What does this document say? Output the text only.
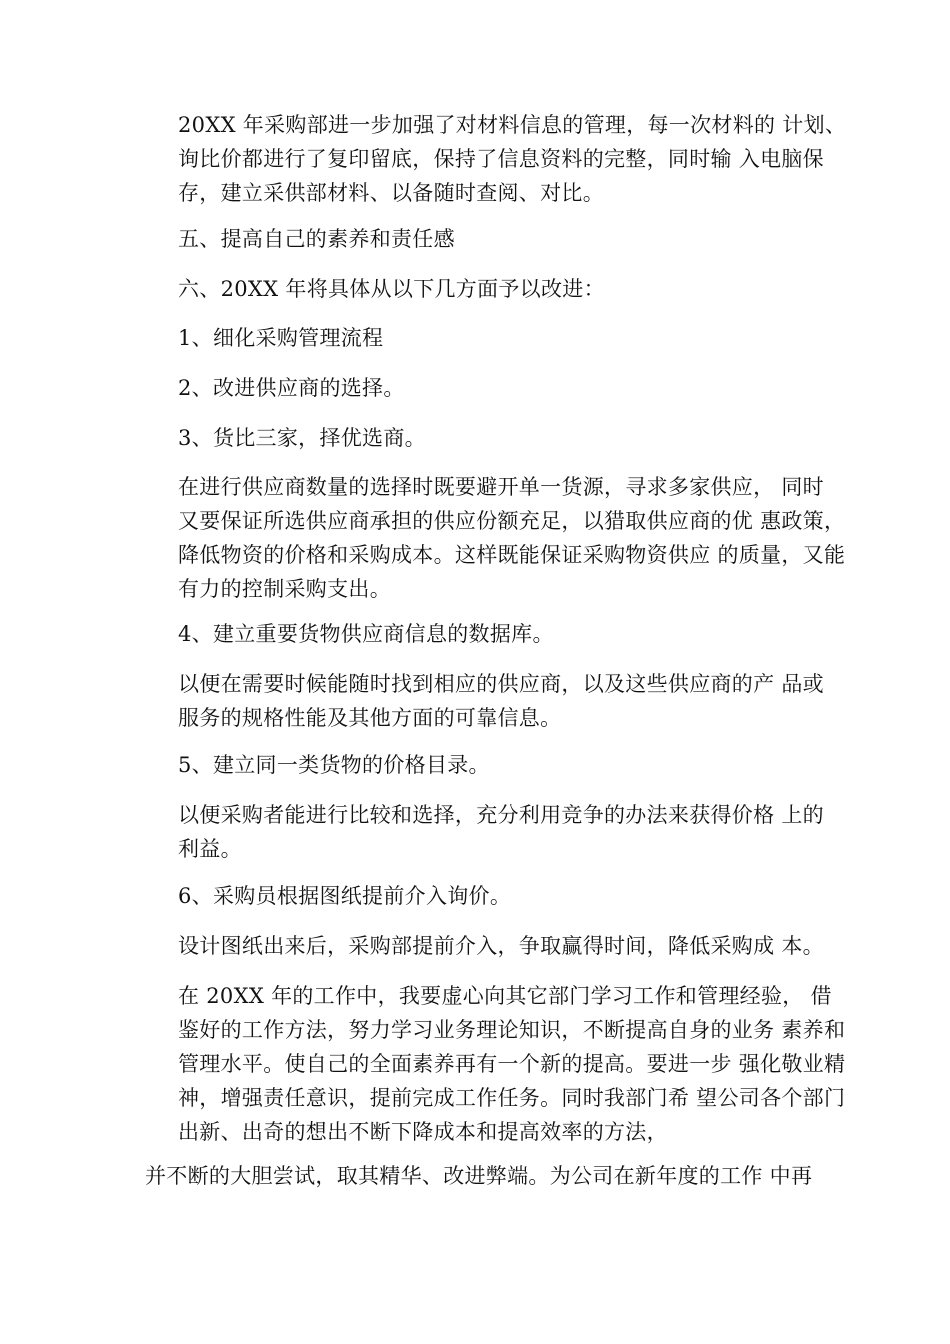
20XX 年采购部进一步加强了对材料信息的管理，每一次材料的 计划、
询比价都进行了复印留底，保持了信息资料的完整，同时输 入电脑保
存，建立采供部材料、以备随时查阅、对比。

五、提高自己的素养和责任感

六、20XX 年将具体从以下几方面予以改进：

1、细化采购管理流程

2、改进供应商的选择。

3、货比三家，择优选商。

在进行供应商数量的选择时既要避开单一货源，寻求多家供应， 同时
又要保证所选供应商承担的供应份额充足，以猎取供应商的优 惠政策，
降低物资的价格和采购成本。这样既能保证采购物资供应 的质量，又能
有力的控制采购支出。

4、建立重要货物供应商信息的数据库。

以便在需要时候能随时找到相应的供应商，以及这些供应商的产 品或
服务的规格性能及其他方面的可靠信息。

5、建立同一类货物的价格目录。

以便采购者能进行比较和选择，充分利用竞争的办法来获得价格 上的
利益。

6、采购员根据图纸提前介入询价。

设计图纸出来后，采购部提前介入，争取赢得时间，降低采购成 本。

在 20XX 年的工作中，我要虚心向其它部门学习工作和管理经验， 借
鉴好的工作方法，努力学习业务理论知识，不断提高自身的业务 素养和
管理水平。使自己的全面素养再有一个新的提高。要进一步 强化敬业精
神，增强责任意识，提前完成工作任务。同时我部门希 望公司各个部门
出新、出奇的想出不断下降成本和提高效率的方法，

并不断的大胆尝试，取其精华、改进弊端。为公司在新年度的工作 中再
